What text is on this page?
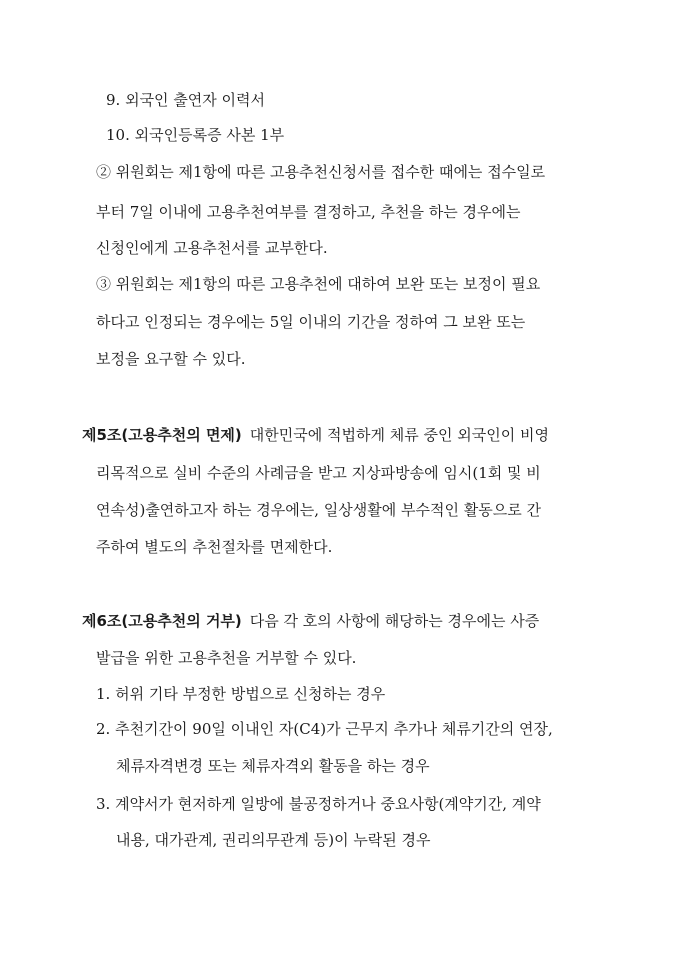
9. 외국인 출연자 이력서
10. 외국인등록증 사본 1부
② 위원회는 제1항에 따른 고용추천신청서를 접수한 때에는 접수일로
부터 7일 이내에 고용추천여부를 결정하고, 추천을 하는 경우에는
신청인에게 고용추천서를 교부한다.
③ 위원회는 제1항의 따른 고용추천에 대하여 보완 또는 보정이 필요
하다고 인정되는 경우에는 5일 이내의 기간을 정하여 그 보완 또는
보정을 요구할 수 있다.
제5조(고용추천의 면제) 대한민국에 적법하게 체류 중인 외국인이 비영
리목적으로 실비 수준의 사례금을 받고 지상파방송에 임시(1회 및 비
연속성)출연하고자 하는 경우에는, 일상생활에 부수적인 활동으로 간
주하여 별도의 추천절차를 면제한다.
제6조(고용추천의 거부) 다음 각 호의 사항에 해당하는 경우에는 사증
발급을 위한 고용추천을 거부할 수 있다.
1. 허위 기타 부정한 방법으로 신청하는 경우
2. 추천기간이 90일 이내인 자(C4)가 근무지 추가나 체류기간의 연장,
체류자격변경 또는 체류자격외 활동을 하는 경우
3. 계약서가 현저하게 일방에 불공정하거나 중요사항(계약기간, 계약
내용, 대가관계, 권리의무관계 등)이 누락된 경우
